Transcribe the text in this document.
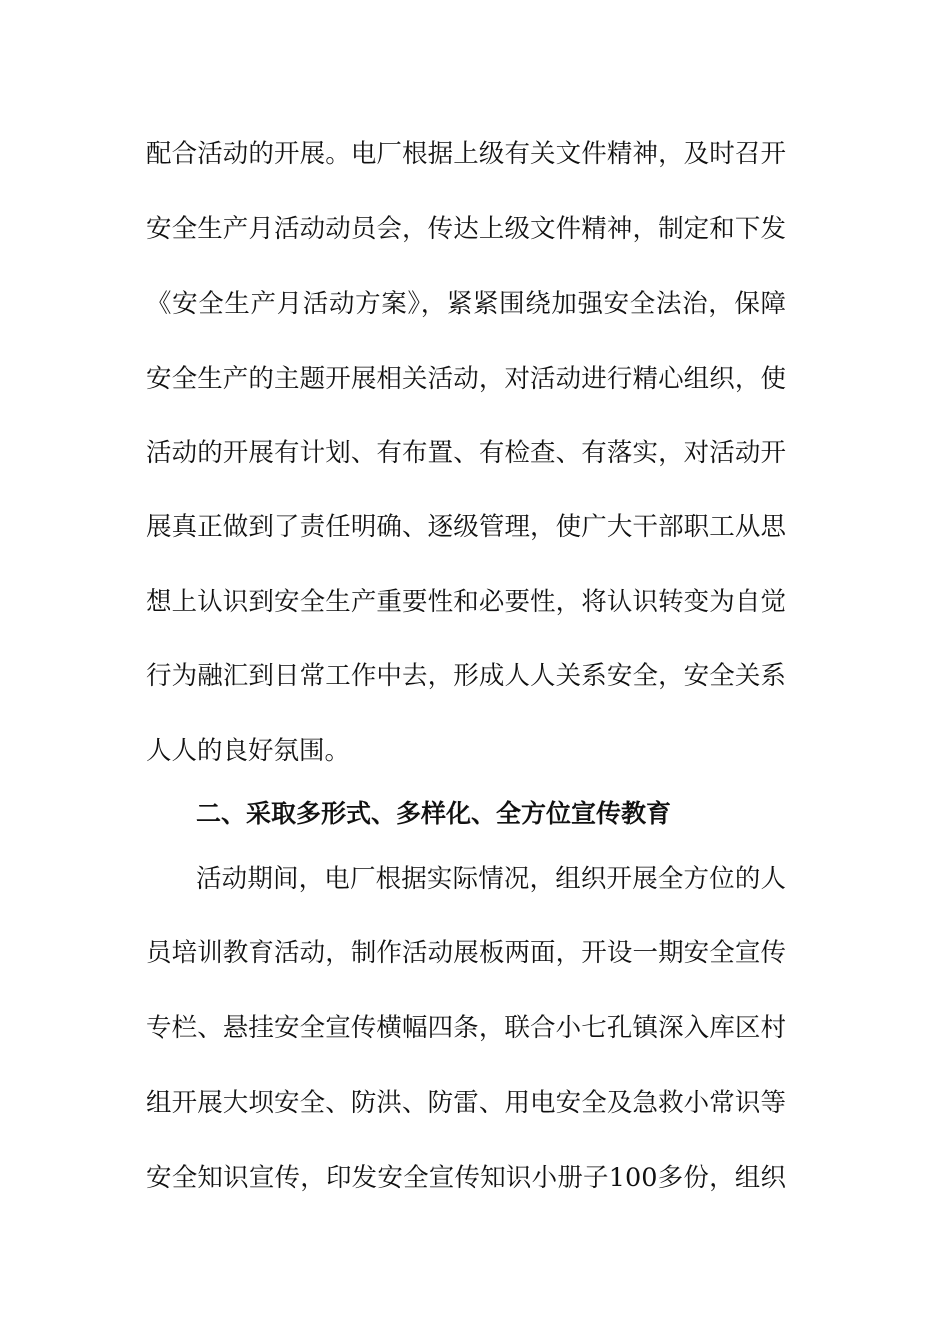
配合活动的开展。电厂根据上级有关文件精神，及时召开
安全生产月活动动员会，传达上级文件精神，制定和下发
《安全生产月活动方案》，紧紧围绕加强安全法治，保障
安全生产的主题开展相关活动，对活动进行精心组织，使
活动的开展有计划、有布置、有检查、有落实，对活动开
展真正做到了责任明确、逐级管理，使广大干部职工从思
想上认识到安全生产重要性和必要性，将认识转变为自觉
行为融汇到日常工作中去，形成人人关系安全，安全关系
人人的良好氛围。
二、采取多形式、多样化、全方位宣传教育
活动期间，电厂根据实际情况，组织开展全方位的人
员培训教育活动，制作活动展板两面，开设一期安全宣传
专栏、悬挂安全宣传横幅四条，联合小七孔镇深入库区村
组开展大坝安全、防洪、防雷、用电安全及急救小常识等
安全知识宣传，印发安全宣传知识小册子100多份，组织
